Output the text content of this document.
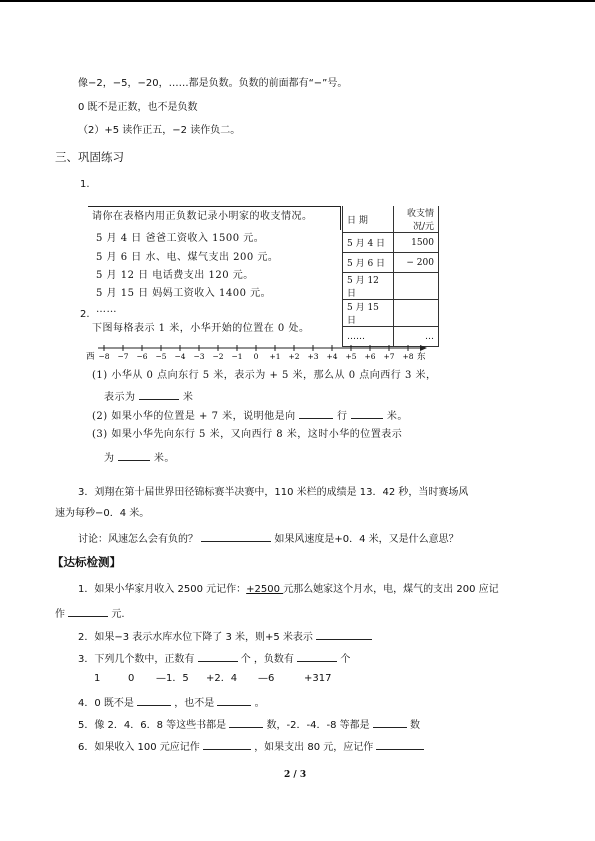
像−2，−5，−20，……都是负数。负数的前面都有“−”号。
0 既不是正数，也不是负数
（2）+5 读作正五，−2 读作负二。
三、巩固练习
1.
请你在表格内用正负数记录小明家的收支情况。
5 月 4 日 爸爸工资收入 1500 元。
5 月 6 日 水、电、煤气支出 200 元。
5 月 12 日 电话费支出 120 元。
5 月 15 日 妈妈工资收入 1400 元。
……
日 期	收支情况/元
5 月 4 日	1500
5 月 6 日	− 200
5 月 12 日	
5 月 15 日	
……	…
2.
下图每格表示 1 米，小华开始的位置在 0 处。
西	东
−8 −7 −6 −5 −4 −3 −2 −1 0 +1 +2 +3 +4 +5 +6 +7 +8
(1) 小华从 0 点向东行 5 米，表示为 + 5 米，那么从 0 点向西行 3 米，
表示为	米
(2) 如果小华的位置是 + 7 米，说明他是向	行	米。
(3) 如果小华先向东行 5 米，又向西行 8 米，这时小华的位置表示
为	米。
3．刘翔在第十届世界田径锦标赛半决赛中，110 米栏的成绩是 13．42 秒，当时赛场风
速为每秒−0．4 米。
讨论：风速怎么会有负的？	如果风速度是+0．4 米，又是什么意思？
【达标检测】
1．如果小华家月收入 2500 元记作：+2500 元那么她家这个月水，电，煤气的支出 200 应记
作	元.
2．如果−3 表示水库水位下降了 3 米，则+5 米表示
3．下列几个数中，正数有	个 ，负数有	个
1	0 —1．5 +2．4 —6	+317
4．0 既不是	，也不是	。
5．像 2．4．6．8 等这些书都是	数，-2．-4．-8 等都是	数
6．如果收入 100 元应记作	，如果支出 80 元，应记作
2 / 3
